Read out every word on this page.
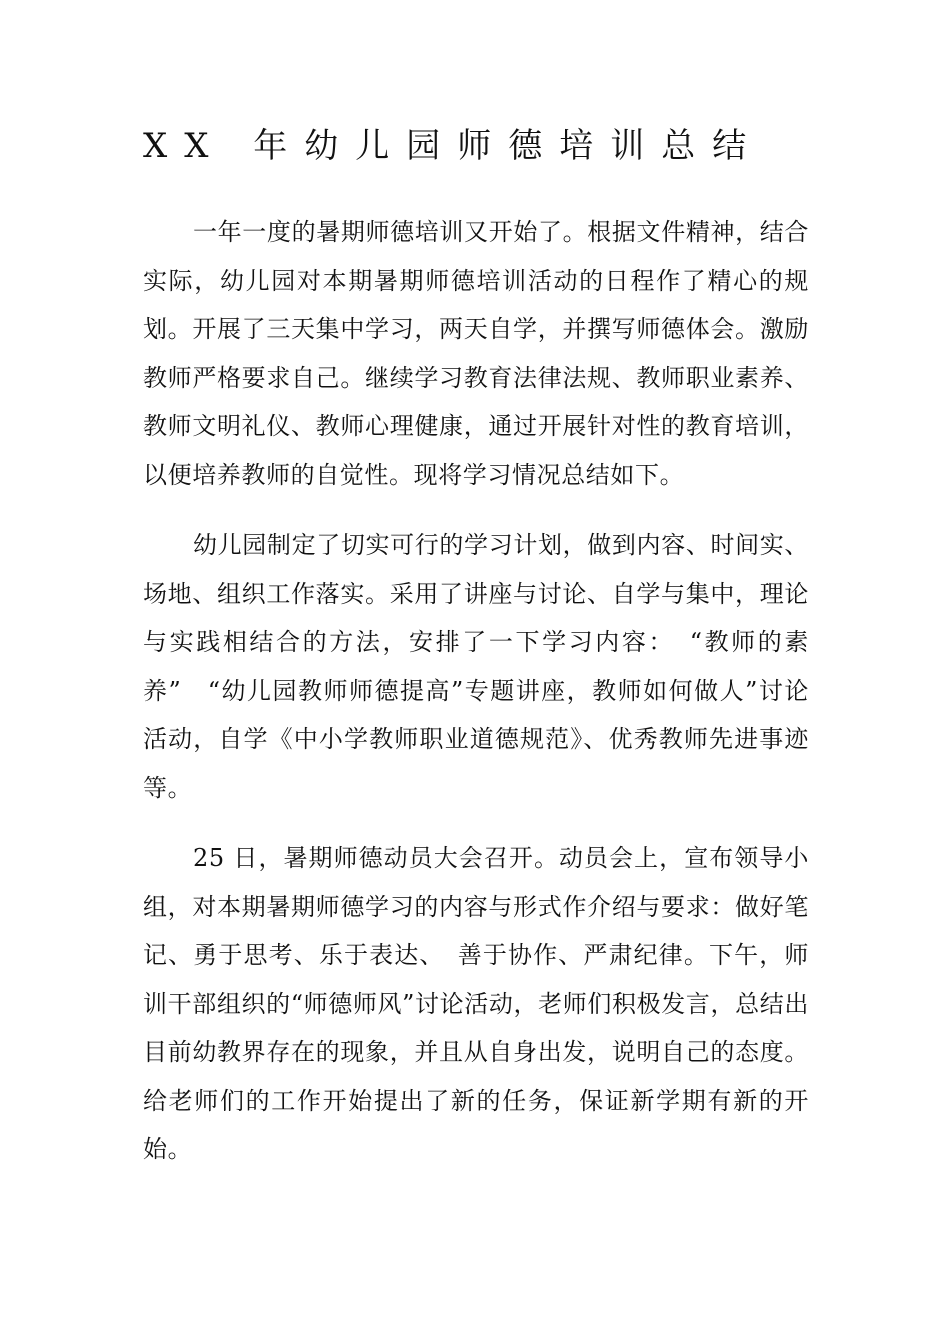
XX 年幼儿园师德培训总结

一年一度的暑期师德培训又开始了。根据文件精神，结合实际，幼儿园对本期暑期师德培训活动的日程作了精心的规划。开展了三天集中学习，两天自学，并撰写师德体会。激励教师严格要求自己。继续学习教育法律法规、教师职业素养、教师文明礼仪、教师心理健康，通过开展针对性的教育培训，以便培养教师的自觉性。现将学习情况总结如下。

幼儿园制定了切实可行的学习计划，做到内容、时间实、场地、组织工作落实。采用了讲座与讨论、自学与集中，理论与实践相结合的方法，安排了一下学习内容：　“教师的素养”　“幼儿园教师师德提高”专题讲座，教师如何做人”讨论活动，自学《中小学教师职业道德规范》、优秀教师先进事迹等。

25 日，暑期师德动员大会召开。动员会上，宣布领导小组，对本期暑期师德学习的内容与形式作介绍与要求：做好笔记、勇于思考、乐于表达、　善于协作、严肃纪律。下午，师训干部组织的“师德师风”讨论活动，老师们积极发言，总结出目前幼教界存在的现象，并且从自身出发，说明自己的态度。给老师们的工作开始提出了新的任务，保证新学期有新的开始。
